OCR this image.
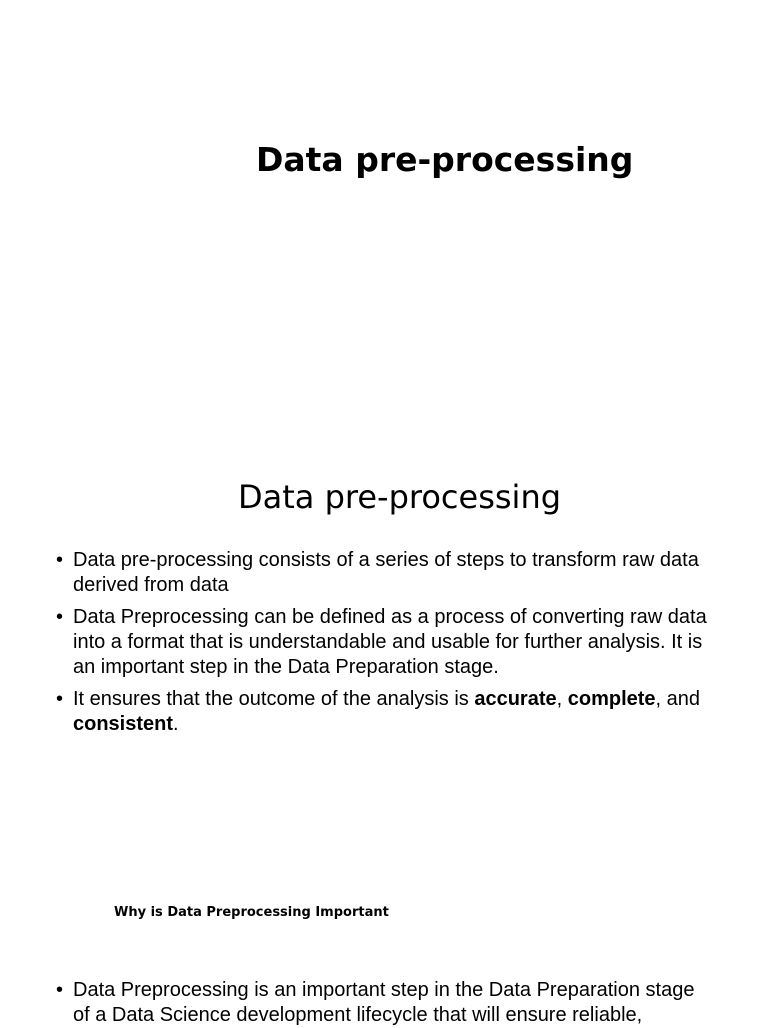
Data pre-processing
Data pre-processing
• Data pre-processing consists of a series of steps to transform raw data derived from data
• Data Preprocessing can be defined as a process of converting raw data into a format that is understandable and usable for further analysis. It is an important step in the Data Preparation stage.
• It ensures that the outcome of the analysis is accurate, complete, and consistent.
Why is Data Preprocessing Important
• Data Preprocessing is an important step in the Data Preparation stage of a Data Science development lifecycle that will ensure reliable,
